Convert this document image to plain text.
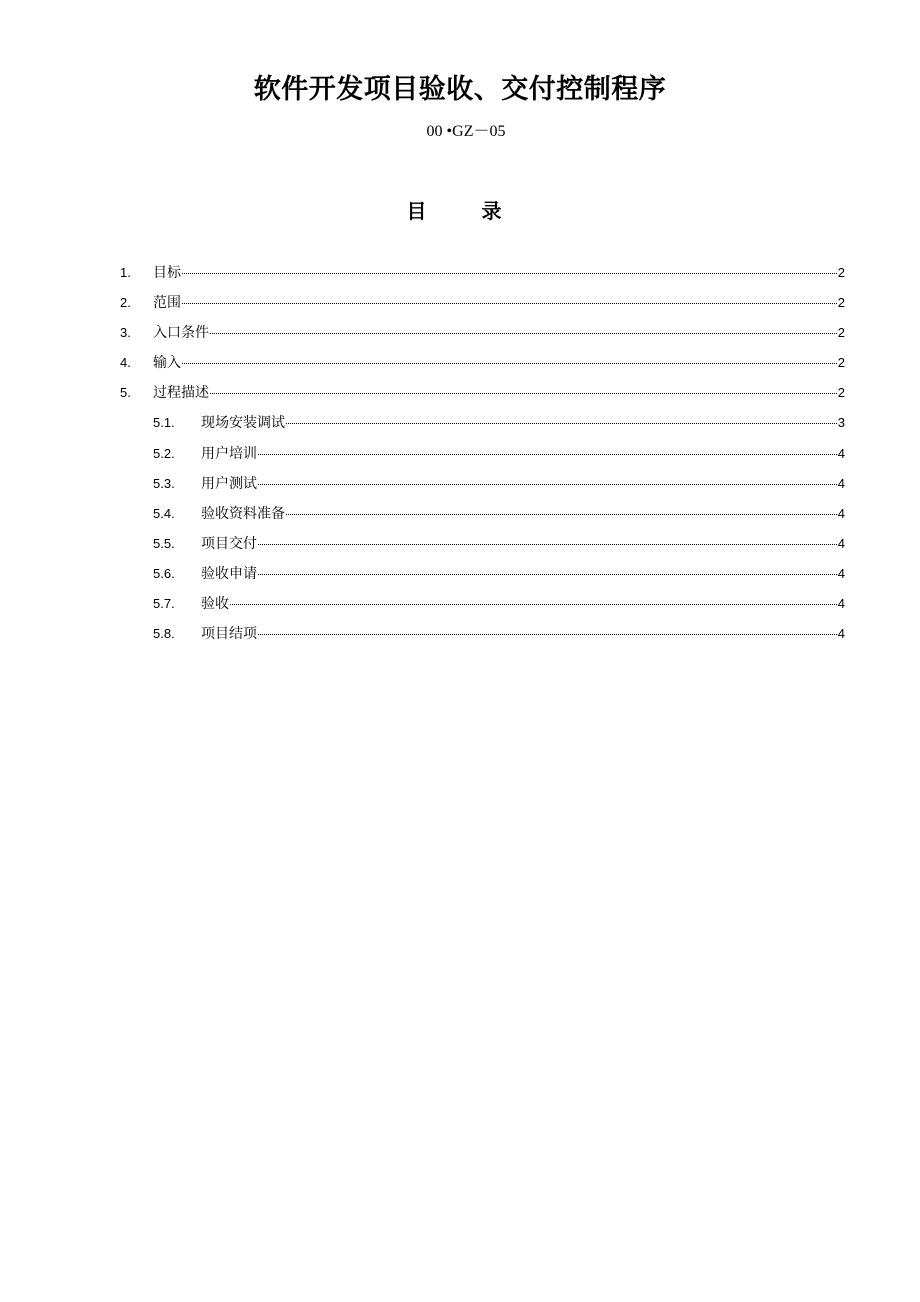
软件开发项目验收、交付控制程序
00 •GZ－05
目 录
1.	目标	2
2.	范围	2
3.	入口条件	2
4.	输入	2
5.	过程描述	2
5.1.	现场安装调试	3
5.2.	用户培训	4
5.3.	用户测试	4
5.4.	验收资料准备	4
5.5.	项目交付	4
5.6.	验收申请	4
5.7.	验收	4
5.8.	项目结项	4
